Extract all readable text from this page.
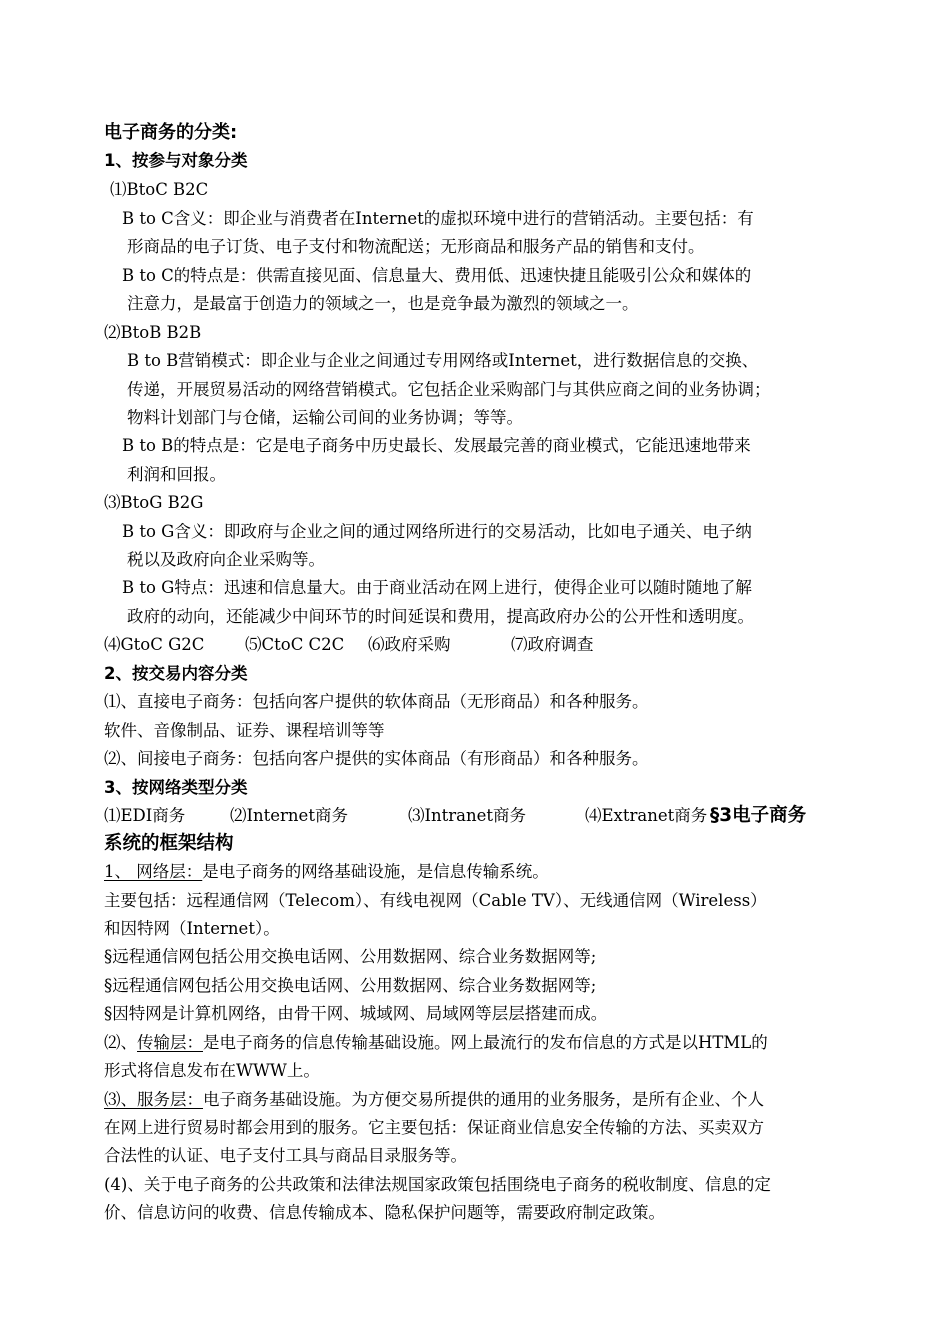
电子商务的分类:
1、按参与对象分类
⑴BtoC B2C
B to C含义：即企业与消费者在Internet的虚拟环境中进行的营销活动。主要包括：有
形商品的电子订货、电子支付和物流配送；无形商品和服务产品的销售和支付。
B to C的特点是：供需直接见面、信息量大、费用低、迅速快捷且能吸引公众和媒体的
注意力，是最富于创造力的领域之一，也是竞争最为激烈的领域之一。
⑵BtoB B2B
B to B营销模式：即企业与企业之间通过专用网络或Internet，进行数据信息的交换、
传递，开展贸易活动的网络营销模式。它包括企业采购部门与其供应商之间的业务协调；
物料计划部门与仓储，运输公司间的业务协调；等等。
B to B的特点是：它是电子商务中历史最长、发展最完善的商业模式，它能迅速地带来
利润和回报。
⑶BtoG B2G
B to G含义：即政府与企业之间的通过网络所进行的交易活动，比如电子通关、电子纳
税以及政府向企业采购等。
B to G特点：迅速和信息量大。由于商业活动在网上进行，使得企业可以随时随地了解
政府的动向，还能减少中间环节的时间延误和费用，提高政府办公的公开性和透明度。
⑷GtoC G2C ⑸CtoC C2C ⑹政府采购	⑺政府调查
2、按交易内容分类
⑴、直接电子商务：包括向客户提供的软体商品（无形商品）和各种服务。
软件、音像制品、证券、课程培训等等
⑵、间接电子商务：包括向客户提供的实体商品（有形商品）和各种服务。
3、按网络类型分类
⑴EDI商务	⑵Internet商务	⑶Intranet商务	⑷Extranet商务 §3电子商务
系统的框架结构
1、 网络层：是电子商务的网络基础设施，是信息传输系统。
主要包括：远程通信网（Telecom）、有线电视网（Cable TV）、无线通信网（Wireless）
和因特网（Internet）。
§远程通信网包括公用交换电话网、公用数据网、综合业务数据网等;
§远程通信网包括公用交换电话网、公用数据网、综合业务数据网等;
§因特网是计算机网络，由骨干网、城域网、局域网等层层搭建而成。
⑵、传输层：是电子商务的信息传输基础设施。网上最流行的发布信息的方式是以HTML的
形式将信息发布在WWW上。
⑶、服务层：电子商务基础设施。为方便交易所提供的通用的业务服务，是所有企业、个人
在网上进行贸易时都会用到的服务。它主要包括：保证商业信息安全传输的方法、买卖双方
合法性的认证、电子支付工具与商品目录服务等。
(4)、关于电子商务的公共政策和法律法规国家政策包括围绕电子商务的税收制度、信息的定
价、信息访问的收费、信息传输成本、隐私保护问题等，需要政府制定政策。
